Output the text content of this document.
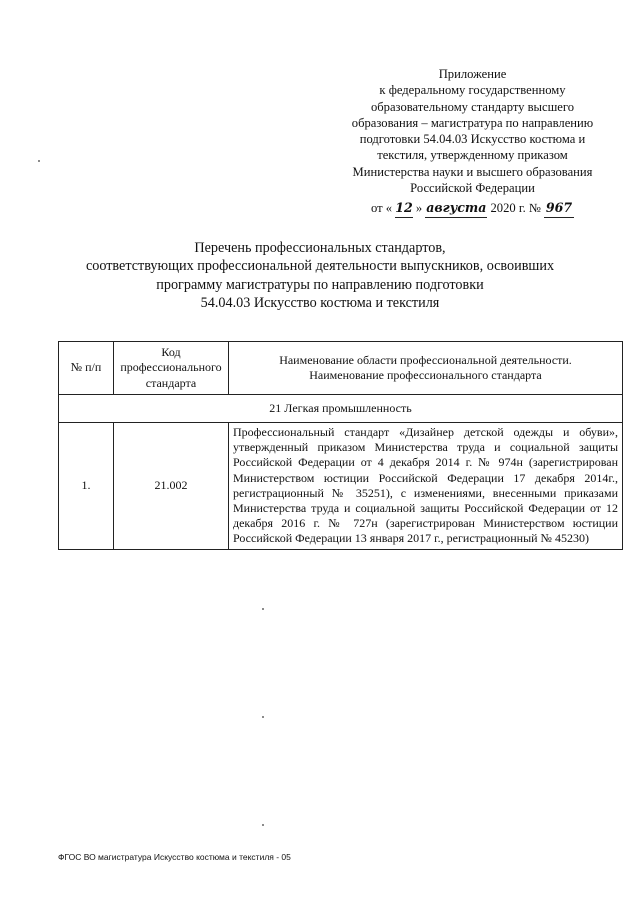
Приложение
к федеральному государственному
образовательному стандарту высшего
образования – магистратура по направлению
подготовки 54.04.03 Искусство костюма и
текстиля, утвержденному приказом
Министерства науки и высшего образования
Российской Федерации
от « 12 » августа 2020 г. № 967
Перечень профессиональных стандартов,
соответствующих профессиональной деятельности выпускников, освоивших
программу магистратуры по направлению подготовки
54.04.03 Искусство костюма и текстиля
№ п/п	Код профессионального стандарта	Наименование области профессиональной деятельности. Наименование профессионального стандарта
21 Легкая промышленность		
1.	21.002	Профессиональный стандарт «Дизайнер детской одежды и обуви», утвержденный приказом Министерства труда и социальной защиты Российской Федерации от 4 декабря 2014 г. № 974н (зарегистрирован Министерством юстиции Российской Федерации 17 декабря 2014г., регистрационный № 35251), с изменениями, внесенными приказами Министерства труда и социальной защиты Российской Федерации от 12 декабря 2016 г. № 727н (зарегистрирован Министерством юстиции Российской Федерации 13 января 2017 г., регистрационный № 45230)
ФГОС ВО магистратура Искусство костюма и текстиля - 05
